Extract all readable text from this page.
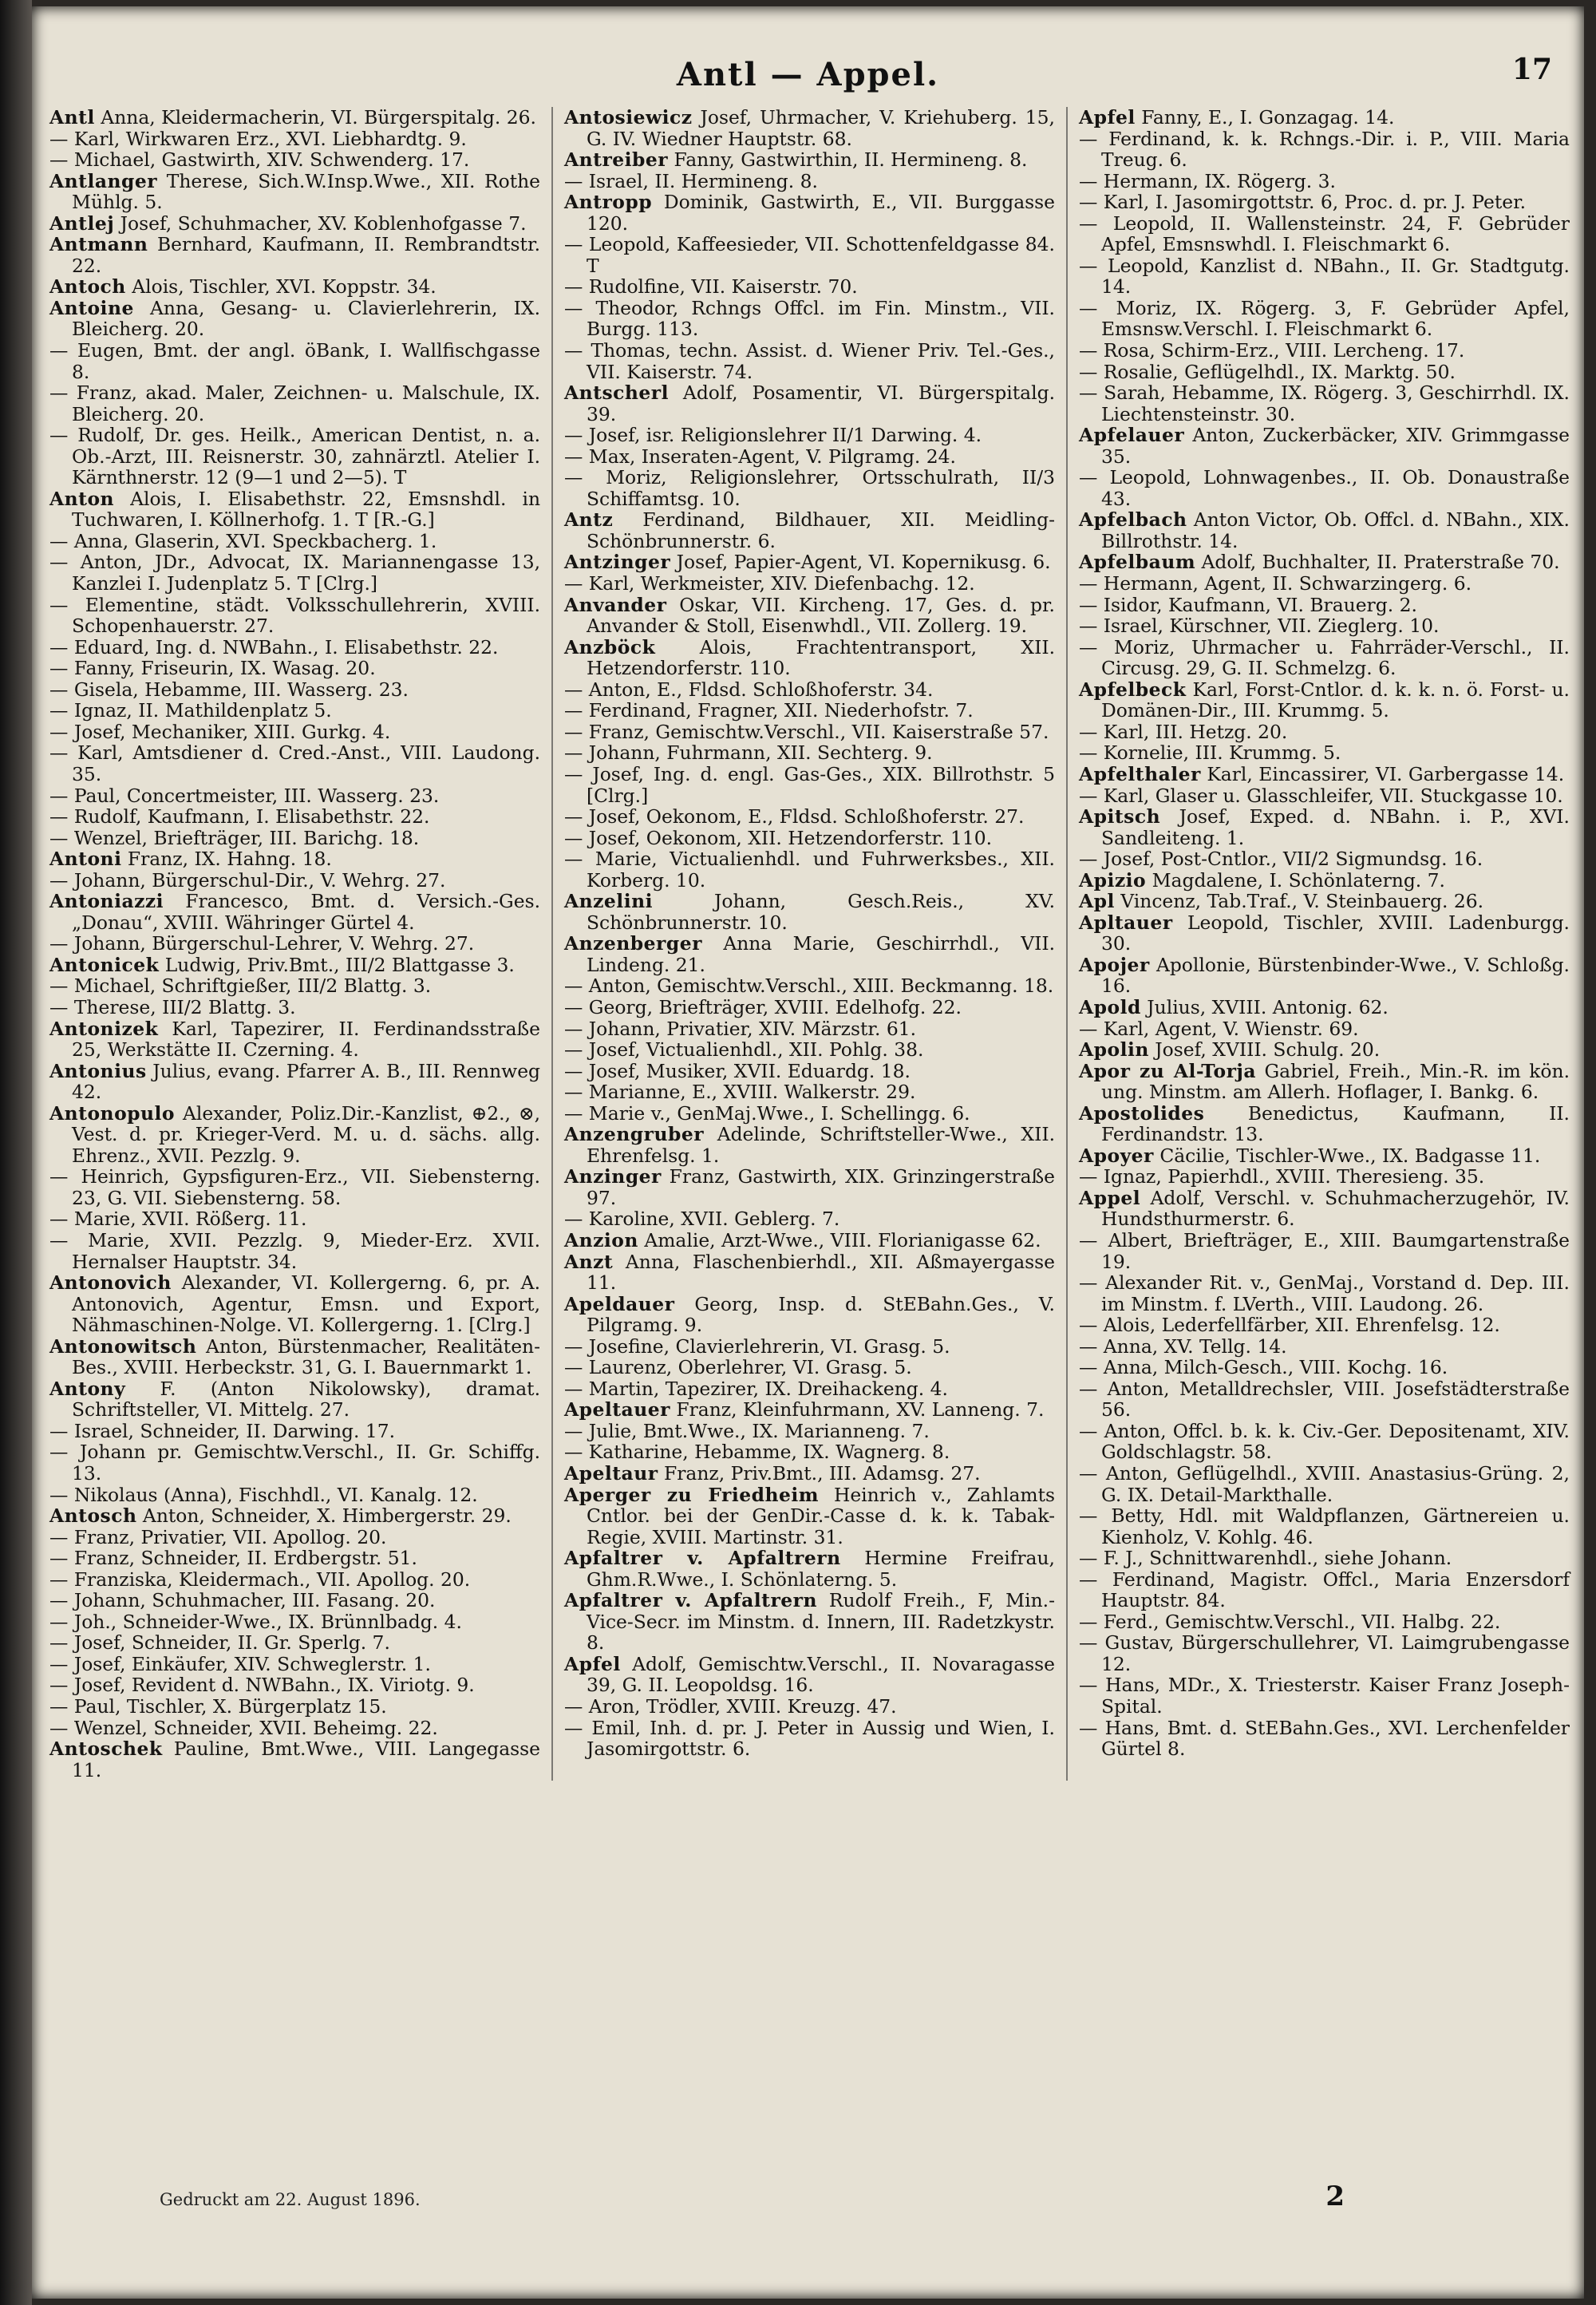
Antl — Appel.	17

Antl Anna, Kleidermacherin, VI. Bürgerspitalg. 26.

— Karl, Wirkwaren Erz., XVI. Liebhardtg. 9.

— Michael, Gastwirth, XIV. Schwenderg. 17.

Antlanger Therese, Sich.W.Insp.Wwe., XII. Rothe Mühlg. 5.

Antlej Josef, Schuhmacher, XV. Koblenhofgasse 7.

Antmann Bernhard, Kaufmann, II. Rembrandtstr. 22.

Antoch Alois, Tischler, XVI. Koppstr. 34.

Antoine Anna, Gesang- u. Clavierlehrerin, IX. Bleicherg. 20.

— Eugen, Bmt. der angl. öBank, I. Wallfischgasse 8.

— Franz, akad. Maler, Zeichnen- u. Malschule, IX. Bleicherg. 20.

— Rudolf, Dr. ges. Heilk., American Dentist, n. a. Ob.-Arzt, III. Reisnerstr. 30, zahnärztl. Atelier I. Kärnthnerstr. 12 (9—1 und 2—5). T

Anton Alois, I. Elisabethstr. 22, Emsnshdl. in Tuchwaren, I. Köllnerhofg. 1. T [R.-G.]

— Anna, Glaserin, XVI. Speckbacherg. 1.

— Anton, JDr., Advocat, IX. Mariannengasse 13, Kanzlei I. Judenplatz 5. T [Clrg.]

— Elementine, städt. Volksschullehrerin, XVIII. Schopenhauerstr. 27.

— Eduard, Ing. d. NWBahn., I. Elisabethstr. 22.

— Fanny, Friseurin, IX. Wasag. 20.

— Gisela, Hebamme, III. Wasserg. 23.

— Ignaz, II. Mathildenplatz 5.

— Josef, Mechaniker, XIII. Gurkg. 4.

— Karl, Amtsdiener d. Cred.-Anst., VIII. Laudong. 35.

— Paul, Concertmeister, III. Wasserg. 23.

— Rudolf, Kaufmann, I. Elisabethstr. 22.

— Wenzel, Briefträger, III. Barichg. 18.

Antoni Franz, IX. Hahng. 18.

— Johann, Bürgerschul-Dir., V. Wehrg. 27.

Antoniazzi Francesco, Bmt. d. Versich.-Ges. „Donau“, XVIII. Währinger Gürtel 4.

— Johann, Bürgerschul-Lehrer, V. Wehrg. 27.

Antonicek Ludwig, Priv.Bmt., III/2 Blattgasse 3.

— Michael, Schriftgießer, III/2 Blattg. 3.

— Therese, III/2 Blattg. 3.

Antonizek Karl, Tapezirer, II. Ferdinandsstraße 25, Werkstätte II. Czerning. 4.

Antonius Julius, evang. Pfarrer A. B., III. Rennweg 42.

Antonopulo Alexander, Poliz.Dir.-Kanzlist, ⊕2., ⊗, Vest. d. pr. Krieger-Verd. M. u. d. sächs. allg. Ehrenz., XVII. Pezzlg. 9.

— Heinrich, Gypsfiguren-Erz., VII. Siebensterng. 23, G. VII. Siebensterng. 58.

— Marie, XVII. Rößerg. 11.

— Marie, XVII. Pezzlg. 9, Mieder-Erz. XVII. Hernalser Hauptstr. 34.

Antonovich Alexander, VI. Kollergerng. 6, pr. A. Antonovich, Agentur, Emsn. und Export, Nähmaschinen-Nolge. VI. Kollergerng. 1. [Clrg.]

Antonowitsch Anton, Bürstenmacher, Realitäten-Bes., XVIII. Herbeckstr. 31, G. I. Bauernmarkt 1.

Antony F. (Anton Nikolowsky), dramat. Schriftsteller, VI. Mittelg. 27.

— Israel, Schneider, II. Darwing. 17.

— Johann pr. Gemischtw.Verschl., II. Gr. Schiffg. 13.

— Nikolaus (Anna), Fischhdl., VI. Kanalg. 12.

Antosch Anton, Schneider, X. Himbergerstr. 29.

— Franz, Privatier, VII. Apollog. 20.

— Franz, Schneider, II. Erdbergstr. 51.

— Franziska, Kleidermach., VII. Apollog. 20.

— Johann, Schuhmacher, III. Fasang. 20.

— Joh., Schneider-Wwe., IX. Brünnlbadg. 4.

— Josef, Schneider, II. Gr. Sperlg. 7.

— Josef, Einkäufer, XIV. Schweglerstr. 1.

— Josef, Revident d. NWBahn., IX. Viriotg. 9.

— Paul, Tischler, X. Bürgerplatz 15.

— Wenzel, Schneider, XVII. Beheimg. 22.

Antoschek Pauline, Bmt.Wwe., VIII. Langegasse 11.

Antosiewicz Josef, Uhrmacher, V. Kriehuberg. 15, G. IV. Wiedner Hauptstr. 68.

Antreiber Fanny, Gastwirthin, II. Hermineng. 8.

— Israel, II. Hermineng. 8.

Antropp Dominik, Gastwirth, E., VII. Burggasse 120.

— Leopold, Kaffeesieder, VII. Schottenfeldgasse 84. T

— Rudolfine, VII. Kaiserstr. 70.

— Theodor, Rchngs Offcl. im Fin. Minstm., VII. Burgg. 113.

— Thomas, techn. Assist. d. Wiener Priv. Tel.-Ges., VII. Kaiserstr. 74.

Antscherl Adolf, Posamentir, VI. Bürgerspitalg. 39.

— Josef, isr. Religionslehrer II/1 Darwing. 4.

— Max, Inseraten-Agent, V. Pilgramg. 24.

— Moriz, Religionslehrer, Ortsschulrath, II/3 Schiffamtsg. 10.

Antz Ferdinand, Bildhauer, XII. Meidling-Schönbrunnerstr. 6.

Antzinger Josef, Papier-Agent, VI. Kopernikusg. 6.

— Karl, Werkmeister, XIV. Diefenbachg. 12.

Anvander Oskar, VII. Kircheng. 17, Ges. d. pr. Anvander & Stoll, Eisenwhdl., VII. Zollerg. 19.

Anzböck Alois, Frachtentransport, XII. Hetzendorferstr. 110.

— Anton, E., Fldsd. Schloßhoferstr. 34.

— Ferdinand, Fragner, XII. Niederhofstr. 7.

— Franz, Gemischtw.Verschl., VII. Kaiserstraße 57.

— Johann, Fuhrmann, XII. Sechterg. 9.

— Josef, Ing. d. engl. Gas-Ges., XIX. Billrothstr. 5 [Clrg.]

— Josef, Oekonom, E., Fldsd. Schloßhoferstr. 27.

— Josef, Oekonom, XII. Hetzendorferstr. 110.

— Marie, Victualienhdl. und Fuhrwerksbes., XII. Korberg. 10.

Anzelini	Johann, Gesch.Reis., XV. Schönbrunnerstr. 10.

Anzenberger Anna Marie, Geschirrhdl., VII. Lindeng. 21.

— Anton, Gemischtw.Verschl., XIII. Beckmanng. 18.

— Georg, Briefträger, XVIII. Edelhofg. 22.

— Johann, Privatier, XIV. Märzstr. 61.

— Josef, Victualienhdl., XII. Pohlg. 38.

— Josef, Musiker, XVII. Eduardg. 18.

— Marianne, E., XVIII. Walkerstr. 29.

— Marie v., GenMaj.Wwe., I. Schellingg. 6.

Anzengruber Adelinde, Schriftsteller-Wwe., XII. Ehrenfelsg. 1.

Anzinger Franz, Gastwirth, XIX. Grinzingerstraße 97.

— Karoline, XVII. Geblerg. 7.

Anzion Amalie, Arzt-Wwe., VIII. Florianigasse 62.

Anzt Anna, Flaschenbierhdl., XII. Aßmayergasse 11.

Apeldauer Georg, Insp. d. StEBahn.Ges., V. Pilgramg. 9.

— Josefine, Clavierlehrerin, VI. Grasg. 5.

— Laurenz, Oberlehrer, VI. Grasg. 5.

— Martin, Tapezirer, IX. Dreihackeng. 4.

Apeltauer Franz, Kleinfuhrmann, XV. Lanneng. 7.

— Julie, Bmt.Wwe., IX. Marianneng. 7.

— Katharine, Hebamme, IX. Wagnerg. 8.

Apeltaur Franz, Priv.Bmt., III. Adamsg. 27.

Aperger zu Friedheim Heinrich v., Zahlamts Cntlor. bei der GenDir.-Casse d. k. k. Tabak-Regie, XVIII. Martinstr. 31.

Apfaltrer v. Apfaltrern Hermine Freifrau, Ghm.R.Wwe., I. Schönlaterng. 5.

Apfaltrer v. Apfaltrern Rudolf Freih., F, Min.-Vice-Secr. im Minstm. d. Innern, III. Radetzkystr. 8.

Apfel Adolf, Gemischtw.Verschl., II. Novaragasse 39, G. II. Leopoldsg. 16.

— Aron, Trödler, XVIII. Kreuzg. 47.

— Emil, Inh. d. pr. J. Peter in Aussig und Wien, I. Jasomirgottstr. 6.

Apfel Fanny, E., I. Gonzagag. 14.

— Ferdinand, k. k. Rchngs.-Dir. i. P., VIII. Maria Treug. 6.

— Hermann, IX. Rögerg. 3.

— Karl, I. Jasomirgottstr. 6, Proc. d. pr. J. Peter.

— Leopold, II. Wallensteinstr. 24, F. Gebrüder Apfel, Emsnswhdl. I. Fleischmarkt 6.

— Leopold, Kanzlist d. NBahn., II. Gr. Stadtgutg. 14.

— Moriz, IX. Rögerg. 3, F. Gebrüder Apfel, Emsnsw.Verschl. I. Fleischmarkt 6.

— Rosa, Schirm-Erz., VIII. Lercheng. 17.

— Rosalie, Geflügelhdl., IX. Marktg. 50.

— Sarah, Hebamme, IX. Rögerg. 3, Geschirrhdl. IX. Liechtensteinstr. 30.

Apfelauer Anton, Zuckerbäcker, XIV. Grimmgasse 35.

— Leopold, Lohnwagenbes., II. Ob. Donaustraße 43.

Apfelbach Anton Victor, Ob. Offcl. d. NBahn., XIX. Billrothstr. 14.

Apfelbaum Adolf, Buchhalter, II. Praterstraße 70.

— Hermann, Agent, II. Schwarzingerg. 6.

— Isidor, Kaufmann, VI. Brauerg. 2.

— Israel, Kürschner, VII. Zieglerg. 10.

— Moriz, Uhrmacher u. Fahrräder-Verschl., II. Circusg. 29, G. II. Schmelzg. 6.

Apfelbeck Karl, Forst-Cntlor. d. k. k. n. ö. Forst- u. Domänen-Dir., III. Krummg. 5.

— Karl, III. Hetzg. 20.

— Kornelie, III. Krummg. 5.

Apfelthaler Karl, Eincassirer, VI. Garbergasse 14.

— Karl, Glaser u. Glasschleifer, VII. Stuckgasse 10.

Apitsch Josef, Exped. d. NBahn. i. P., XVI. Sandleiteng. 1.

— Josef, Post-Cntlor., VII/2 Sigmundsg. 16.

Apizio Magdalene, I. Schönlaterng. 7.

Apl Vincenz, Tab.Traf., V. Steinbauerg. 26.

Apltauer Leopold, Tischler, XVIII. Ladenburgg. 30.

Apojer Apollonie, Bürstenbinder-Wwe., V. Schloßg. 16.

Apold Julius, XVIII. Antonig. 62.

— Karl, Agent, V. Wienstr. 69.

Apolin Josef, XVIII. Schulg. 20.

Apor zu Al-Torja Gabriel, Freih., Min.-R. im kön. ung. Minstm. am Allerh. Hoflager, I. Bankg. 6.

Apostolides Benedictus, Kaufmann, II. Ferdinandstr. 13.

Apoyer Cäcilie, Tischler-Wwe., IX. Badgasse 11.

— Ignaz, Papierhdl., XVIII. Theresieng. 35.

Appel Adolf, Verschl. v. Schuhmacherzugehör, IV. Hundsthurmerstr. 6.

— Albert, Briefträger, E., XIII. Baumgartenstraße 19.

— Alexander Rit. v., GenMaj., Vorstand d. Dep. III. im Minstm. f. LVerth., VIII. Laudong. 26.

— Alois, Lederfellfärber, XII. Ehrenfelsg. 12.

— Anna, XV. Tellg. 14.

— Anna, Milch-Gesch., VIII. Kochg. 16.

— Anton, Metalldrechsler, VIII. Josefstädterstraße 56.

— Anton, Offcl. b. k. k. Civ.-Ger. Depositenamt, XIV. Goldschlagstr. 58.

— Anton, Geflügelhdl., XVIII. Anastasius-Grüng. 2, G. IX. Detail-Markthalle.

— Betty, Hdl. mit Waldpflanzen, Gärtnereien u. Kienholz, V. Kohlg. 46.

— F. J., Schnittwarenhdl., siehe Johann.

— Ferdinand, Magistr. Offcl., Maria Enzersdorf Hauptstr. 84.

— Ferd., Gemischtw.Verschl., VII. Halbg. 22.

— Gustav, Bürgerschullehrer, VI. Laimgrubengasse 12.

— Hans, MDr., X. Triesterstr. Kaiser Franz Joseph-Spital.

— Hans, Bmt. d. StEBahn.Ges., XVI. Lerchenfelder Gürtel 8.

Gedruckt am 22. August 1896.	2
